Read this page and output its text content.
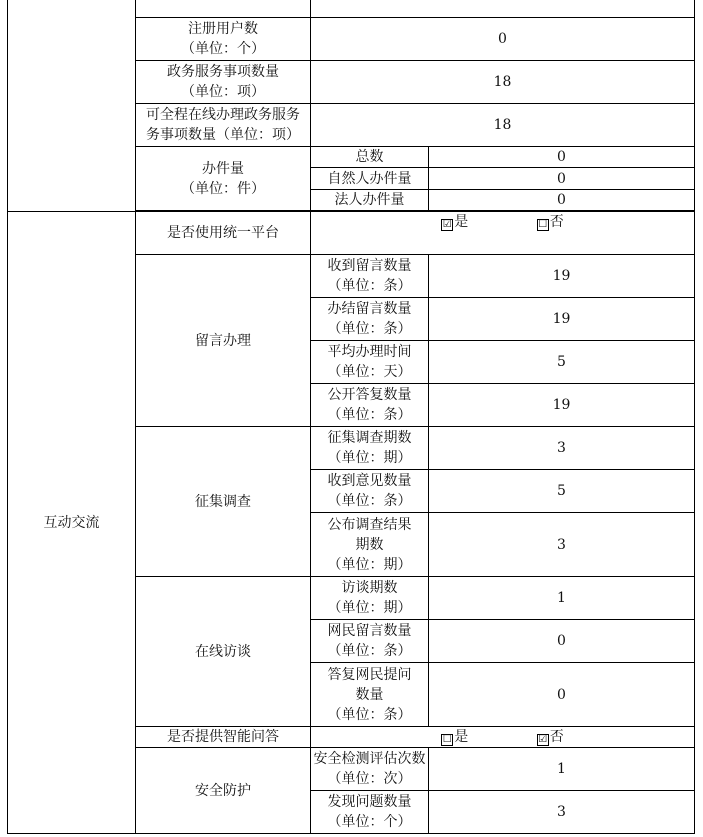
	注册用户数
（单位：个）	0	
	政务服务事项数量
（单位：项）	18	
	可全程在线办理政务服务
务事项数量（单位：项）	18	
	办件量
（单位：件）	总数	0
		自然人办件量	0
		法人办件量	0

互动交流	是否使用统一平台	☑ 是 ☐ 否	
	留言办理	收到留言数量
（单位：条）	19
		办结留言数量
（单位：条）	19
		平均办理时间
（单位：天）	5
		公开答复数量
（单位：条）	19
	征集调查	征集调查期数
（单位：期）	3
		收到意见数量
（单位：条）	5
		公布调查结果
期数
（单位：期）	3
	在线访谈	访谈期数
（单位：期）	1
		网民留言数量
（单位：条）	0
		答复网民提问
数量
（单位：条）	0
	是否提供智能问答	☐ 是 ☑ 否	
	安全防护	安全检测评估次数
（单位：次）	1
		发现问题数量
（单位：个）	3
